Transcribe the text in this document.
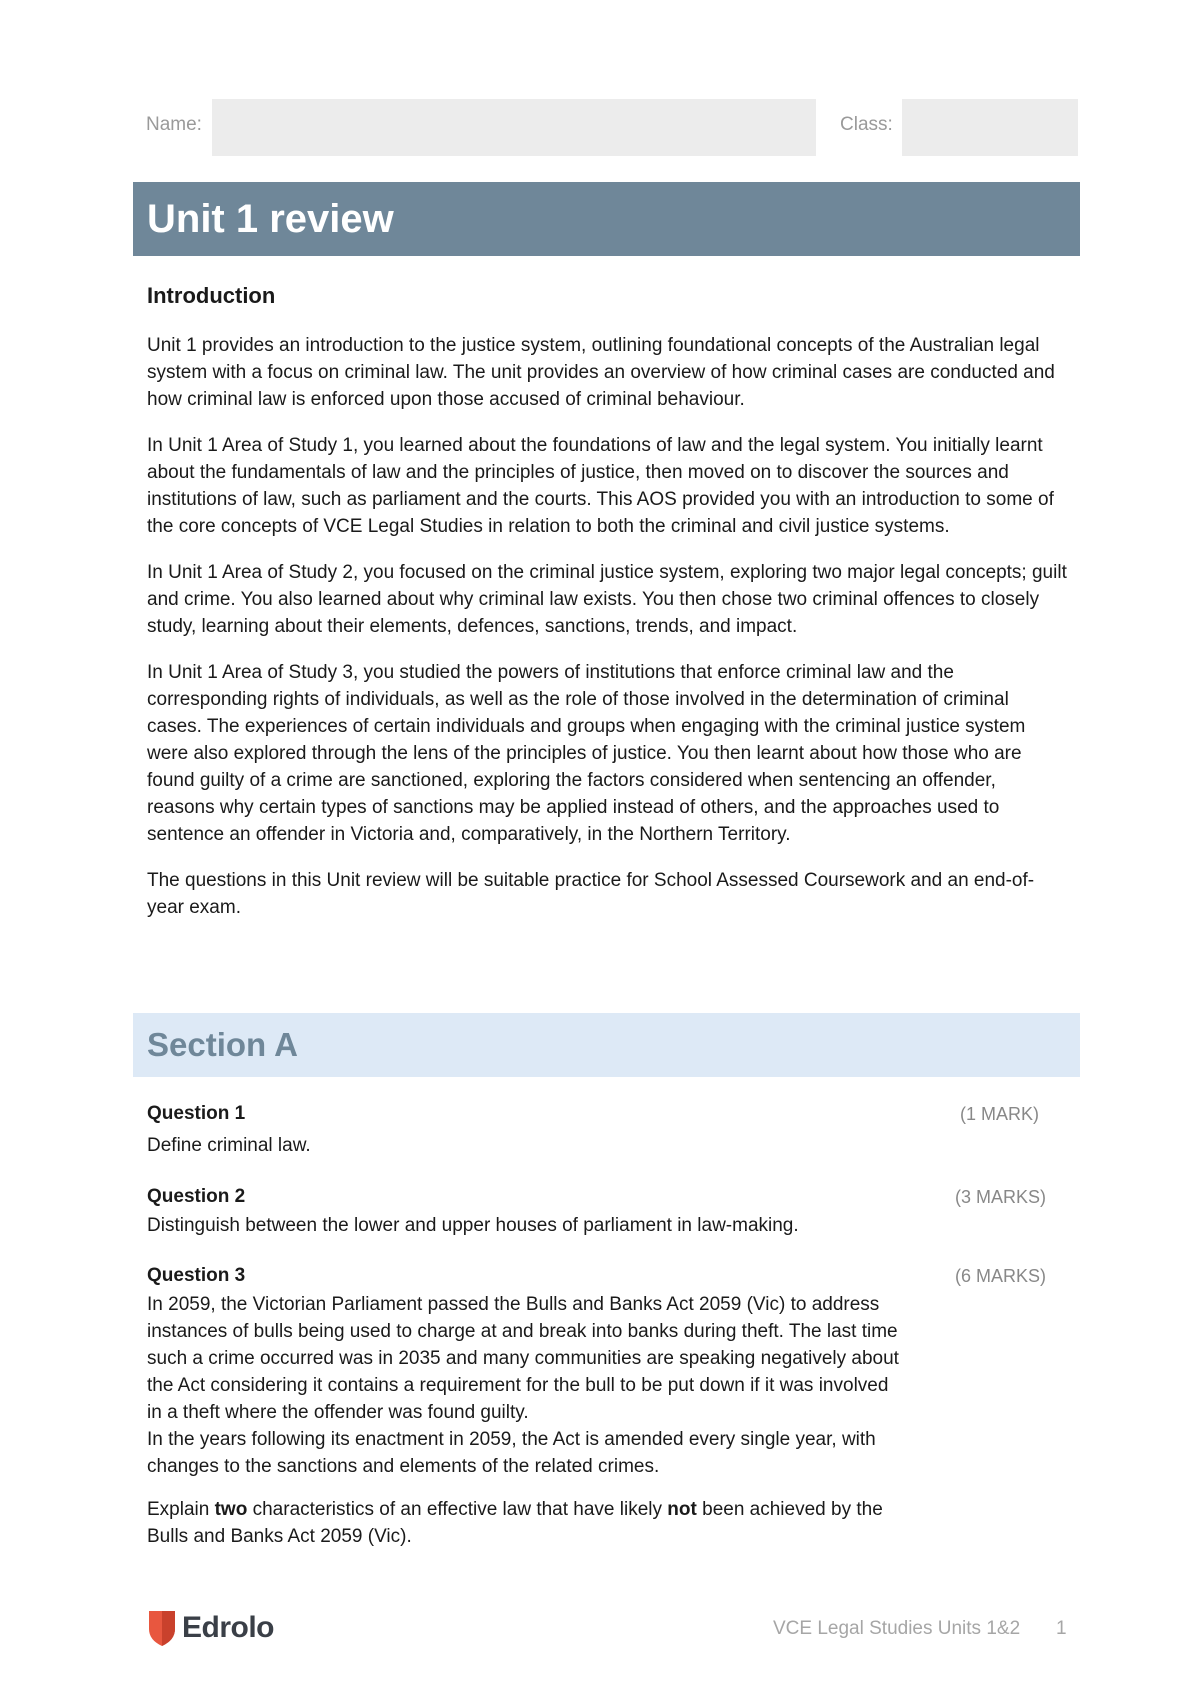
Name:	Class:
Unit 1 review
Introduction

Unit 1 provides an introduction to the justice system, outlining foundational concepts of the Australian legal system with a focus on criminal law. The unit provides an overview of how criminal cases are conducted and how criminal law is enforced upon those accused of criminal behaviour.

In Unit 1 Area of Study 1, you learned about the foundations of law and the legal system. You initially learnt about the fundamentals of law and the principles of justice, then moved on to discover the sources and institutions of law, such as parliament and the courts. This AOS provided you with an introduction to some of the core concepts of VCE Legal Studies in relation to both the criminal and civil justice systems.

In Unit 1 Area of Study 2, you focused on the criminal justice system, exploring two major legal concepts; guilt and crime. You also learned about why criminal law exists. You then chose two criminal offences to closely study, learning about their elements, defences, sanctions, trends, and impact.

In Unit 1 Area of Study 3, you studied the powers of institutions that enforce criminal law and the corresponding rights of individuals, as well as the role of those involved in the determination of criminal cases. The experiences of certain individuals and groups when engaging with the criminal justice system were also explored through the lens of the principles of justice. You then learnt about how those who are found guilty of a crime are sanctioned, exploring the factors considered when sentencing an offender, reasons why certain types of sanctions may be applied instead of others, and the approaches used to sentence an offender in Victoria and, comparatively, in the Northern Territory.

The questions in this Unit review will be suitable practice for School Assessed Coursework and an end-of-year exam.

Section A
Question 1	(1 MARK)

Define criminal law.

Question 2	(3 MARKS)

Distinguish between the lower and upper houses of parliament in law-making.

Question 3	(6 MARKS)

In 2059, the Victorian Parliament passed the Bulls and Banks Act 2059 (Vic) to address instances of bulls being used to charge at and break into banks during theft. The last time such a crime occurred was in 2035 and many communities are speaking negatively about the Act considering it contains a requirement for the bull to be put down if it was involved in a theft where the offender was found guilty.

In the years following its enactment in 2059, the Act is amended every single year, with changes to the sanctions and elements of the related crimes.

Explain two characteristics of an effective law that have likely not been achieved by the Bulls and Banks Act 2059 (Vic).

Edrolo	VCE Legal Studies Units 1&2 1
